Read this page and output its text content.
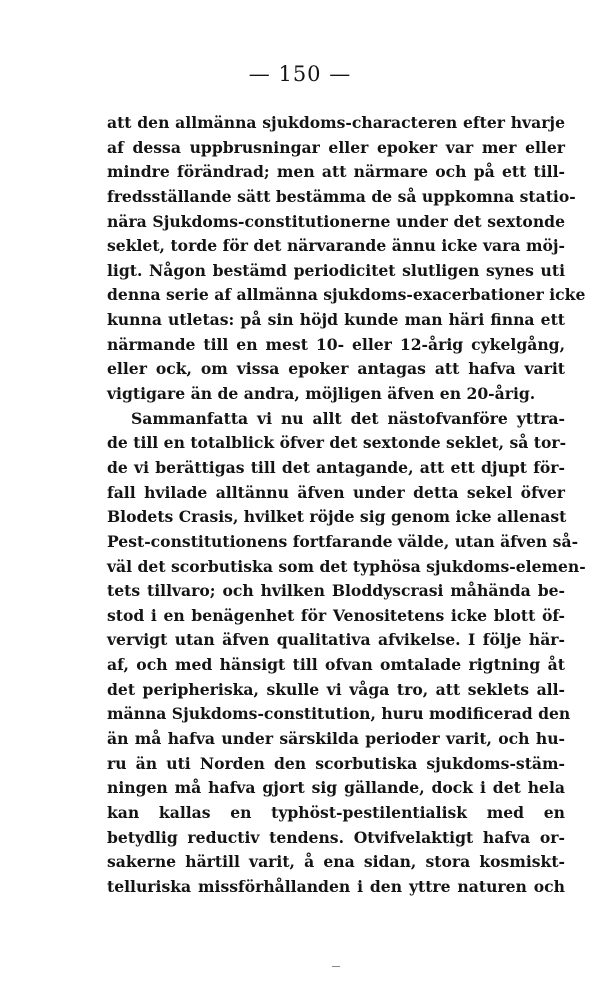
— 150 —
att den allmänna sjukdoms-characteren efter hvarje
af dessa uppbrusningar eller epoker var mer eller
mindre förändrad; men att närmare och på ett till-
fredsställande sätt bestämma de så uppkomna statio-
nära Sjukdoms-constitutionerne under det sextonde
seklet, torde för det närvarande ännu icke vara möj-
ligt. Någon bestämd periodicitet slutligen synes uti
denna serie af allmänna sjukdoms-exacerbationer icke
kunna utletas: på sin höjd kunde man häri finna ett
närmande till en mest 10- eller 12-årig cykelgång,
eller ock, om vissa epoker antagas att hafva varit
vigtigare än de andra, möjligen äfven en 20-årig.
Sammanfatta vi nu allt det nästofvanföre yttra-
de till en totalblick öfver det sextonde seklet, så tor-
de vi berättigas till det antagande, att ett djupt för-
fall hvilade alltännu äfven under detta sekel öfver
Blodets Crasis, hvilket röjde sig genom icke allenast
Pest-constitutionens fortfarande välde, utan äfven så-
väl det scorbutiska som det typhösa sjukdoms-elemen-
tets tillvaro; och hvilken Bloddyscrasi måhända be-
stod i en benägenhet för Venositetens icke blott öf-
vervigt utan äfven qualitativa afvikelse. I följe här-
af, och med hänsigt till ofvan omtalade rigtning åt
det peripheriska, skulle vi våga tro, att seklets all-
männa Sjukdoms-constitution, huru modificerad den
än må hafva under särskilda perioder varit, och hu-
ru än uti Norden den scorbutiska sjukdoms-stäm-
ningen må hafva gjort sig gällande, dock i det hela
kan kallas en typhöst-pestilentialisk med en
betydlig reductiv tendens. Otvifvelaktigt hafva or-
sakerne härtill varit, å ena sidan, stora kosmiskt-
telluriska missförhållanden i den yttre naturen och
